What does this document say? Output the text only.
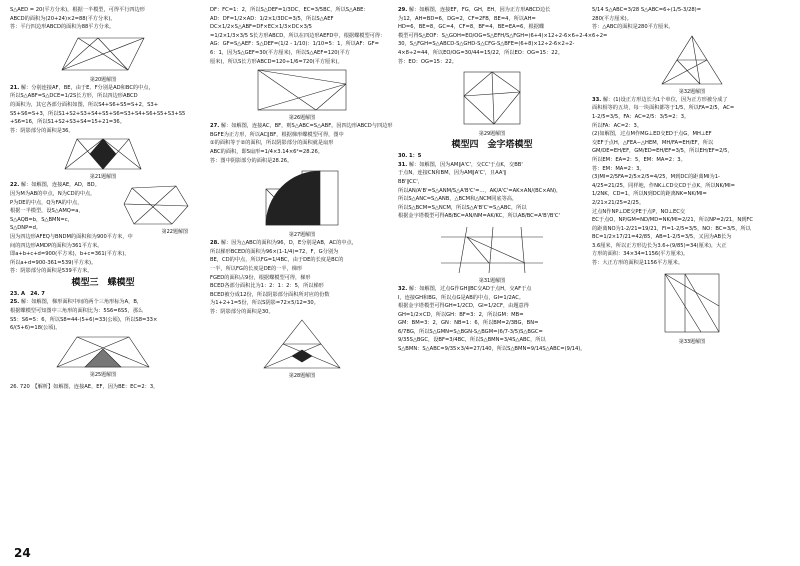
S△AED = 20(平方分米)，根据一半模型，可得平行四边形

ABCD的面积为(20+24)×2=88(平方分米)。

答：平行四边形ABCD的面积为88平方分米。

第20题解图

21. 解：分别连接AF，BE，由于E、F分别是AD和BC的中点，

所以S△ABF=S△DCE=1/2S长方形，所以四边形ABCD

的面积为，其它各部分面积如图，所以S4+S6+S5=S+2，S3+

S5+S6=S+3，所以S1+S2+S3+S4+S5+S6=S3+S4+S6+S5+S3+S5

+S6=16，所以S1+S2+S3+S4=15+21=36。

答：阴影部分的面积是36。

第21题解图

22. 解：如解图，连接AE，AD，BD。

因为M为AB的中点，N为CD的中点，

P为DE的中点，Q为FA的中点，

根据一半模型，设S△AMQ=a，

S△AQB=b，S△BMN=c，

S△DNP=d。

第22题解图

因为四边形AFEQ与BNDM的面积和为900平方米，中

间的四边形AMDP的面积为361平方米。

即a+b+c+d=900(平方米)，b+c=361(平方米)，

所以a+d=900-361=539(平方米)。

答：阴影部分的面积是539平方米。

模型三　蝶模型

23. A　24. 7

25. 解：如解图，梯形面积中间的两个三角形标为A，B，

根据蝶模型可知图中三角形的面积比为：5S6=6S5，那么

S5：S6=5：6，所以S8=44-(5+6)=33(公顷)，所以S8=33×

6/(5+6)=18(公顷)。

第25题解图

26. 720　【解析】如解图，连接AE，EF，因为BE：EC=2：3，

DF：FC=1：2，所以S△DEF=1/3DC，EC=3/5BC，所以S△ABE：

AD：DF=1/2×AD：1/2×1/3DC=3/5，所以S△AEF

DC×1/2×S△ABF=DF×EC×1/3×DC×3/5

=1/2×1/3×3/5 S长方形ABCD，所以在四边形AEFD中，根据蝶模型可得：

AG：GF=S△AEF：S△DEF=(1/2 - 1/10)：1/10=5：1，所以AF：GF=

6：1，因为S△GEF=30(平方厘米)，所以S△AEF=120(平方

厘米)，所以S长方形ABCD=120÷1/6=720(平方厘米)。

第26题解图

27. 解：如解图，连接AC，BF，则S△ABC=S△ABF。因四边形ABCD与四边形

BGFE为正方形，所以AC∥BF，根据梯形蝶模型可得，图中

①的面积等于②的面积，所以阴影部分的面积就是扇形

ABC的面积，即S扇形=1/4×3.14×6²=28.26。

答：图中阴影部分的面积是28.26。

第27题解图

28. 解：因为△ABC的面积为96，D，E分别是AB，AC的中点，

所以梯形BCED的面积为96×(1-1/4)=72，F，G分别为

BE，CD的中点，所以FG=1/4BC，由于DE的长度是BC的

一半，所以FG的长度是DE的一半，梯形

FGED的面积占9份，根据蝶模型可得，梯形

BCED各部分面积比为1：2：1：2：5，所以梯形

BCED被分成12份，所以阴影部分面积所对应的份数

为1+2+1=5份，所以S阴影=72×5/12=30。

答：阴影部分的面积是30。

第28题解图

29. 解：如解图，连接EF，FG，GH，EH，因为正方形ABCD边长

为12，AH=BD=6，DG=2，CF=2FB，BE=4，所以AH=

HD=6，BE=8，GC=4，CF=8，BF=4，BE=EA=6，根据蝶

模型可得S△EOF：S△GOH=EO/OG=S△EFH/S△FGH=(6+4)×12÷2-6×6÷2-4×6÷2=

30，S△FGH=S△ABCD-S△GHD-S△CFG-S△BFE=(6+8)×12÷2-6×2÷2-

4×8÷2=44，所以EO/OG=30/44=15/22，所以EO：OG=15：22。

答：EO：OG=15：22。

第29题解图

模型四　金字塔模型

30. 1：5

31. 解：如解图，因为AM∥A'C'，交CC'于点K，交BB'

于点N，连接CN和BM，因为AM∥A'C'，且AA'∥

BB'∥CC'，

所以AN/A'B'=S△ANM/S△A'B'C'=...，AK/A'C'=AK×AN/(BC×AN)，

所以S△ANC=S△ANB，△BCM和△NCM同底等高，

所以S△BCM=S△NCM，所以S△A'B'C'=S△ABC，所以

根据金字塔模型可得AB/BC=AN/NM=AK/KC，所以AB/BC=A'B'/B'C'

第31题解图

32. 解：如解图，过点G作GH∥BC交AD于点H，交AF于点

I，连接GH和BG，所以点G是AB的中点，GI=1/2AC。

根据金字塔模型可得GH=1/2CD，GI=1/2CF，由题意得

GH=1/2×CD，所以GH：BF=3：2，所以GM：MB=

GM：BM=3：2，GN：NB=1：6，所以BM=2/3BG，BN=

6/7BG，所以S△GMN=S△BGN-S△BGM=(6/7-3/5)S△BGC=

9/35S△BGC，设BF=3/4BC，所以S△BMN=3/4S△ABC，所以

S△BMN：S△ABC=9/35×3/4=27/140，所以S△BMN=9/14S△ABC=(9/14)。

5/14 S△ABC=3/28 S△ABC=6÷(1/5-3/28)=

280(平方厘米)。

答：△ABC的面积是280平方厘米。

第32题解图

33. 解：(1)设正方形边长为1个单位，因为正方形被分成了

面积相等的五块，每一块面积都等于1/5，所以FA=2/5，AC=

1-2/5=3/5，FA：AC=2/5：3/5=2：3。

所以FA：AC=2：3。

(2)如解图，过点M作MG⊥ED交ED于点G，MH⊥EF

交EF于点H，△FEA∽△HEM，MH/FA=EH/EF，所以

GM/DE=EH/EF，GM/ED=EH/EF=3/5，所以EH/EF=2/5，

所以EM：EA=2：5，EM：MA=2：3。

答：EM：MA=2：3。

(3)MI=2/5FA=2/5×2/5=4/25，M到DC的距离MI为1-

4/25=21/25，同样地，作NK⊥CD交CD于点K，所以NK/MI=

1/2NK，CD=1，所以N到DC的距离NK=NK/MI=

2/21×21/25=2/25。

过点N作NP⊥DE交PE于点P，NO⊥EC交

EC于点O，NP/GM=ND/MD=NK/MI=2/21，所以NP=2/21，N到FC

的距离NO为1-2/21=19/21，FI=1-2/5=3/5，NO：BC=3/5，所以

BC=1/2×17/21=42/85，AB=1-2/5=3/5，又因为AB长为

3.6厘米，所以正方形边长为3.6÷(9/85)=34(厘米)，大正

方形的面积：34×34=1156(平方厘米)。

答：大正方形的面积是1156平方厘米。

第33题解图

24
